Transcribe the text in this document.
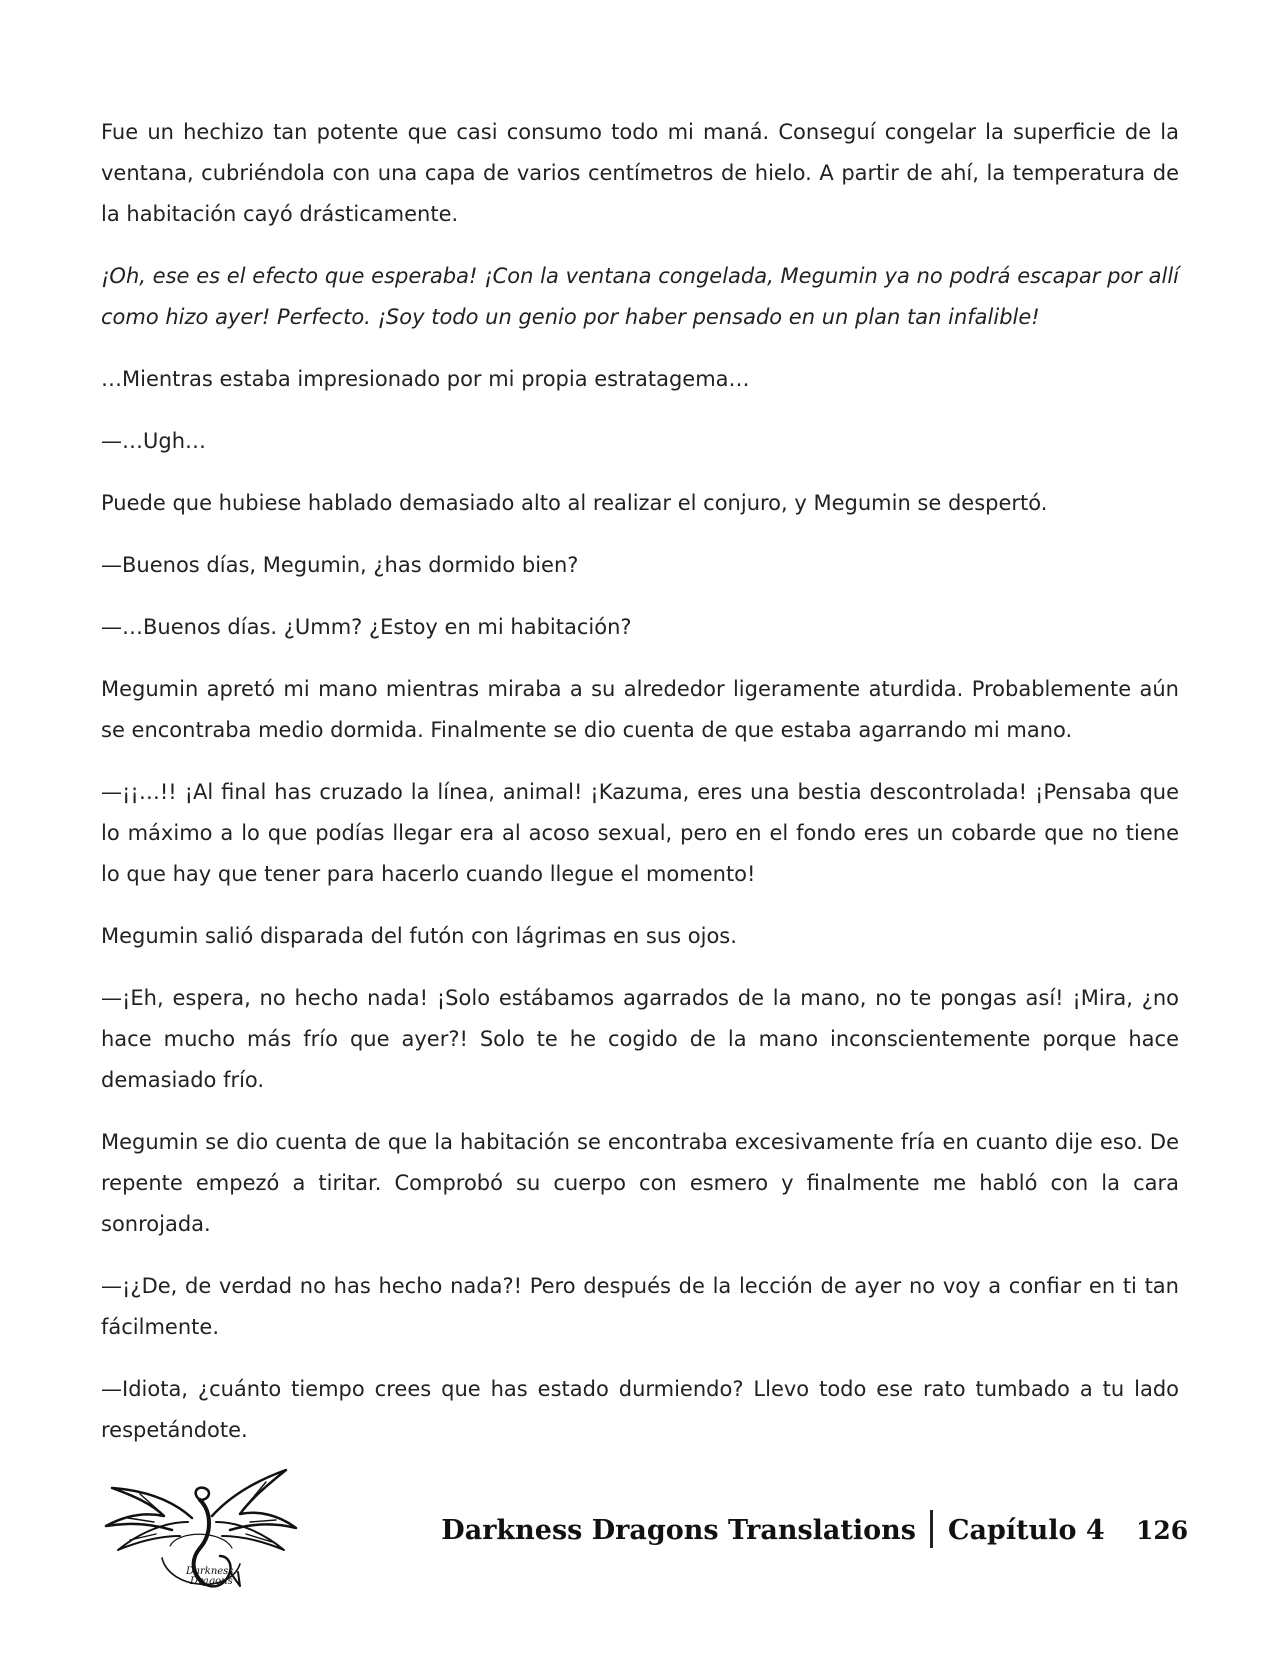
Fue un hechizo tan potente que casi consumo todo mi maná. Conseguí congelar la superficie de la ventana, cubriéndola con una capa de varios centímetros de hielo. A partir de ahí, la temperatura de la habitación cayó drásticamente.

¡Oh, ese es el efecto que esperaba! ¡Con la ventana congelada, Megumin ya no podrá escapar por allí como hizo ayer! Perfecto. ¡Soy todo un genio por haber pensado en un plan tan infalible!

…Mientras estaba impresionado por mi propia estratagema…

—…Ugh…

Puede que hubiese hablado demasiado alto al realizar el conjuro, y Megumin se despertó.

—Buenos días, Megumin, ¿has dormido bien?

—…Buenos días. ¿Umm? ¿Estoy en mi habitación?

Megumin apretó mi mano mientras miraba a su alrededor ligeramente aturdida. Probablemente aún se encontraba medio dormida. Finalmente se dio cuenta de que estaba agarrando mi mano.

—¡¡…!! ¡Al final has cruzado la línea, animal! ¡Kazuma, eres una bestia descontrolada! ¡Pensaba que lo máximo a lo que podías llegar era al acoso sexual, pero en el fondo eres un cobarde que no tiene lo que hay que tener para hacerlo cuando llegue el momento!

Megumin salió disparada del futón con lágrimas en sus ojos.

—¡Eh, espera, no hecho nada! ¡Solo estábamos agarrados de la mano, no te pongas así! ¡Mira, ¿no hace mucho más frío que ayer?! Solo te he cogido de la mano inconscientemente porque hace demasiado frío.

Megumin se dio cuenta de que la habitación se encontraba excesivamente fría en cuanto dije eso. De repente empezó a tiritar. Comprobó su cuerpo con esmero y finalmente me habló con la cara sonrojada.

—¡¿De, de verdad no has hecho nada?! Pero después de la lección de ayer no voy a confiar en ti tan fácilmente.

—Idiota, ¿cuánto tiempo crees que has estado durmiendo? Llevo todo ese rato tumbado a tu lado respetándote.

Darkness
Dragons
Darkness Dragons Translations Capítulo 4 126
